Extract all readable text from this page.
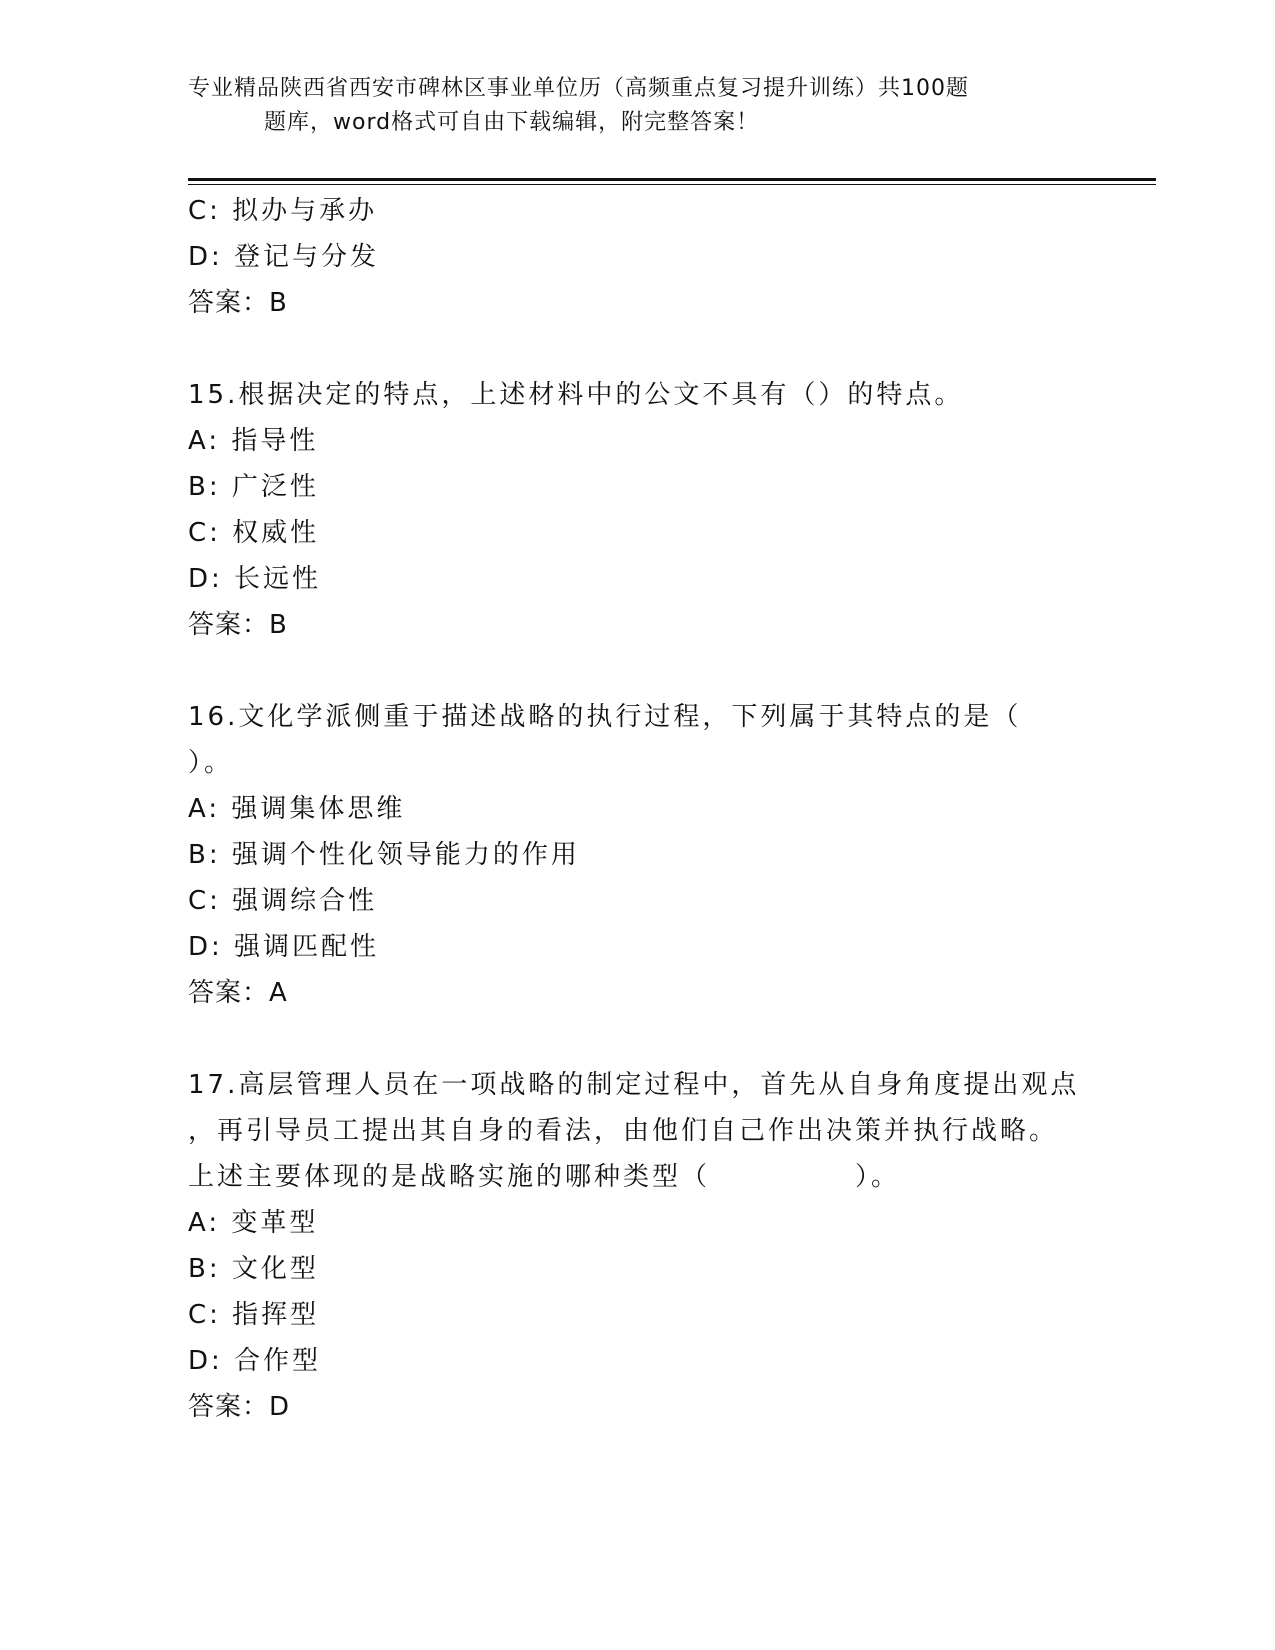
专业精品陕西省西安市碑林区事业单位历（高频重点复习提升训练）共100题
题库，word格式可自由下载编辑，附完整答案！
C: 拟办与承办
D: 登记与分发
答案：B
15.根据决定的特点，上述材料中的公文不具有（）的特点。
A: 指导性
B: 广泛性
C: 权威性
D: 长远性
答案：B
16.文化学派侧重于描述战略的执行过程，下列属于其特点的是（
）。
A: 强调集体思维
B: 强调个性化领导能力的作用
C: 强调综合性
D: 强调匹配性
答案：A
17.高层管理人员在一项战略的制定过程中，首先从自身角度提出观点
，再引导员工提出其自身的看法，由他们自己作出决策并执行战略。
上述主要体现的是战略实施的哪种类型（　　　　　）。
A: 变革型
B: 文化型
C: 指挥型
D: 合作型
答案：D
